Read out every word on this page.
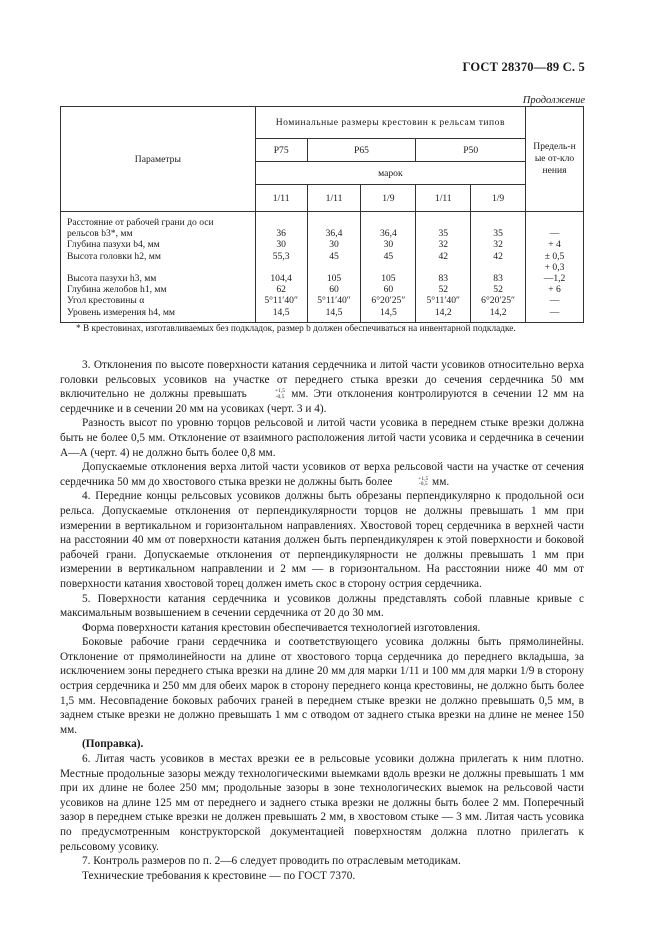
ГОСТ 28370—89 С. 5
Продолжение
Параметры	Номинальные размеры крестовин к рельсам типов					Предель-ные от-клонения
	Р75	Р65		Р50		
	марок					
	1/11	1/11	1/9	1/11	1/9	

Расстояние от рабочей грани до оси						
рельсов b3*, мм	36	36,4	36,4	35	35	—
Глубина пазухи b4, мм	30	30	30	32	32	+ 4
Высота головки h2, мм	55,3	45	45	42	42	± 0,5
						+ 0,3
Высота пазухи h3, мм	104,4	105	105	83	83	—1,2
Глубина желобов h1, мм	62	60	60	52	52	+ 6
Угол крестовины α	5°11′40″	5°11′40″	6°20′25″	5°11′40″	6°20′25″	—
Уровень измерения h4, мм	14,5	14,5	14,5	14,2	14,2	—
* В крестовинах, изготавливаемых без подкладок, размер b должен обеспечиваться на инвентарной подкладке.

3. Отклонения по высоте поверхности катания сердечника и литой части усовиков относительно верха головки рельсовых усовиков на участке от переднего стыка врезки до сечения сердечника 50 мм включительно не должны превышать	+1,5
-0,5 мм. Эти отклонения контролируются в сечении 12 мм на сердечнике и в сечении 20 мм на усовиках (черт. 3 и 4).

Разность высот по уровню торцов рельсовой и литой части усовика в переднем стыке врезки должна быть не более 0,5 мм. Отклонение от взаимного расположения литой части усовика и сердечника в сечении А—А (черт. 4) не должно быть более 0,8 мм.

Допускаемые отклонения верха литой части усовиков от верха рельсовой части на участке от сечения сердечника 50 мм до хвостового стыка врезки не должны быть более	+1,5
-0,5 мм.

4. Передние концы рельсовых усовиков должны быть обрезаны перпендикулярно к продольной оси рельса. Допускаемые отклонения от перпендикулярности торцов не должны превышать 1 мм при измерении в вертикальном и горизонтальном направлениях. Хвостовой торец сердечника в верхней части на расстоянии 40 мм от поверхности катания должен быть перпендикулярен к этой поверхности и боковой рабочей грани. Допускаемые отклонения от перпендикулярности не должны превышать 1 мм при измерении в вертикальном направлении и 2 мм — в горизонтальном. На расстоянии ниже 40 мм от поверхности катания хвостовой торец должен иметь скос в сторону острия сердечника.

5. Поверхности катания сердечника и усовиков должны представлять собой плавные кривые с максимальным возвышением в сечении сердечника от 20 до 30 мм.

Форма поверхности катания крестовин обеспечивается технологией изготовления.

Боковые рабочие грани сердечника и соответствующего усовика должны быть прямолинейны. Отклонение от прямолинейности на длине от хвостового торца сердечника до переднего вкладыша, за исключением зоны переднего стыка врезки на длине 20 мм для марки 1/11 и 100 мм для марки 1/9 в сторону острия сердечника и 250 мм для обеих марок в сторону переднего конца крестовины, не должно быть более 1,5 мм. Несовпадение боковых рабочих граней в переднем стыке врезки не должно превышать 0,5 мм, в заднем стыке врезки не должно превышать 1 мм с отводом от заднего стыка врезки на длине не менее 150 мм.

(Поправка).

6. Литая часть усовиков в местах врезки ее в рельсовые усовики должна прилегать к ним плотно. Местные продольные зазоры между технологическими выемками вдоль врезки не должны превышать 1 мм при их длине не более 250 мм; продольные зазоры в зоне технологических выемок на рельсовой части усовиков на длине 125 мм от переднего и заднего стыка врезки не должны быть более 2 мм. Поперечный зазор в переднем стыке врезки не должен превышать 2 мм, в хвостовом стыке — 3 мм. Литая часть усовика по предусмотренным конструкторской документацией поверхностям должна плотно прилегать к рельсовому усовику.

7. Контроль размеров по п. 2—6 следует проводить по отраслевым методикам.

Технические требования к крестовине — по ГОСТ 7370.
